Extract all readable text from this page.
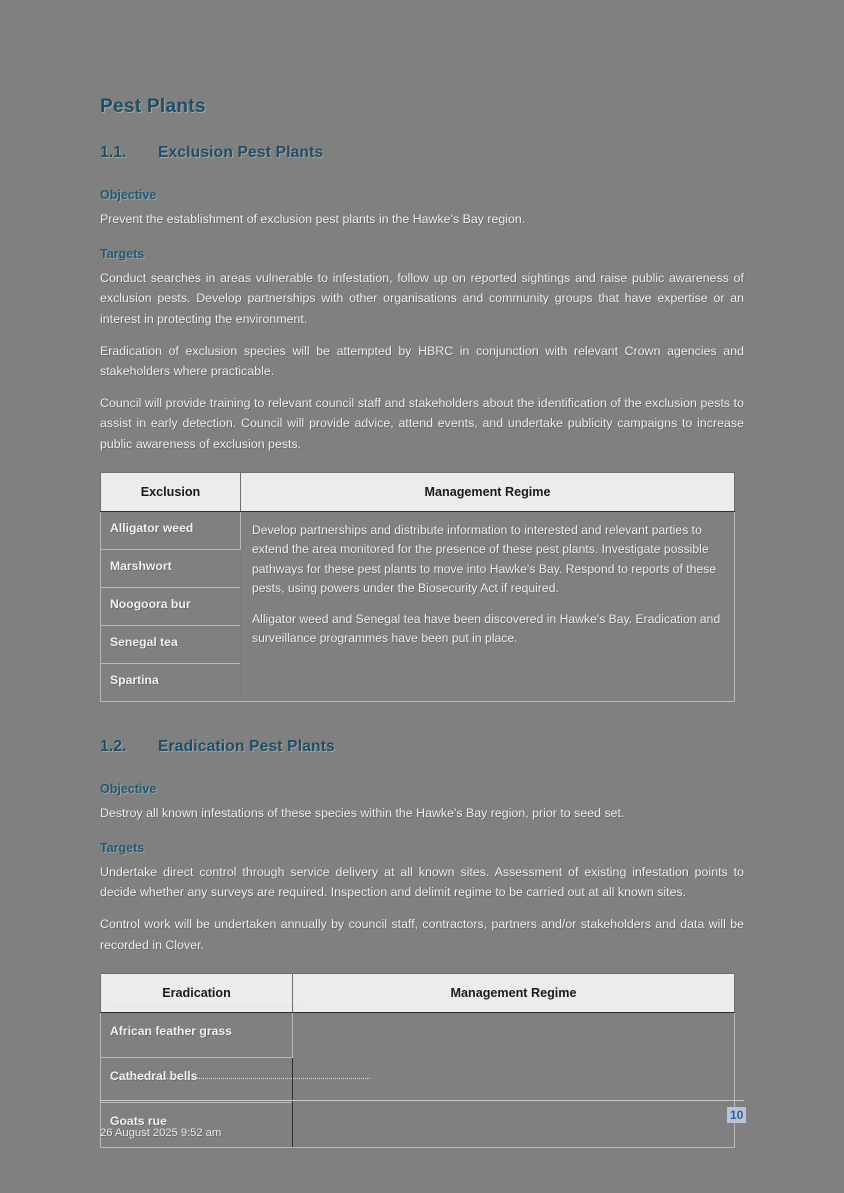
Pest Plants
1.1.	Exclusion Pest Plants
Objective

Prevent the establishment of exclusion pest plants in the Hawke's Bay region.

Targets

Conduct searches in areas vulnerable to infestation, follow up on reported sightings and raise public awareness of exclusion pests. Develop partnerships with other organisations and community groups that have expertise or an interest in protecting the environment.

Eradication of exclusion species will be attempted by HBRC in conjunction with relevant Crown agencies and stakeholders where practicable.

Council will provide training to relevant council staff and stakeholders about the identification of the exclusion pests to assist in early detection. Council will provide advice, attend events, and undertake publicity campaigns to increase public awareness of exclusion pests.

Exclusion	Management Regime
Alligator weed	Develop partnerships and distribute information to interested and relevant parties to extend the area monitored for the presence of these pest plants. Investigate possible pathways for these pest plants to move into Hawke's Bay. Respond to reports of these pests, using powers under the Biosecurity Act if required.

Alligator weed and Senegal tea have been discovered in Hawke's Bay. Eradication and surveillance programmes have been put in place.

Marshwort	
Noogoora bur	
Senegal tea	
Spartina	
1.2.	Eradication Pest Plants
Objective

Destroy all known infestations of these species within the Hawke's Bay region, prior to seed set.

Targets

Undertake direct control through service delivery at all known sites. Assessment of existing infestation points to decide whether any surveys are required. Inspection and delimit regime to be carried out at all known sites.

Control work will be undertaken annually by council staff, contractors, partners and/or stakeholders and data will be recorded in Clover.

Eradication	Management Regime
African feather grass	
Cathedral bells	
Goats rue	
26 August 2025 9:52 am
10
